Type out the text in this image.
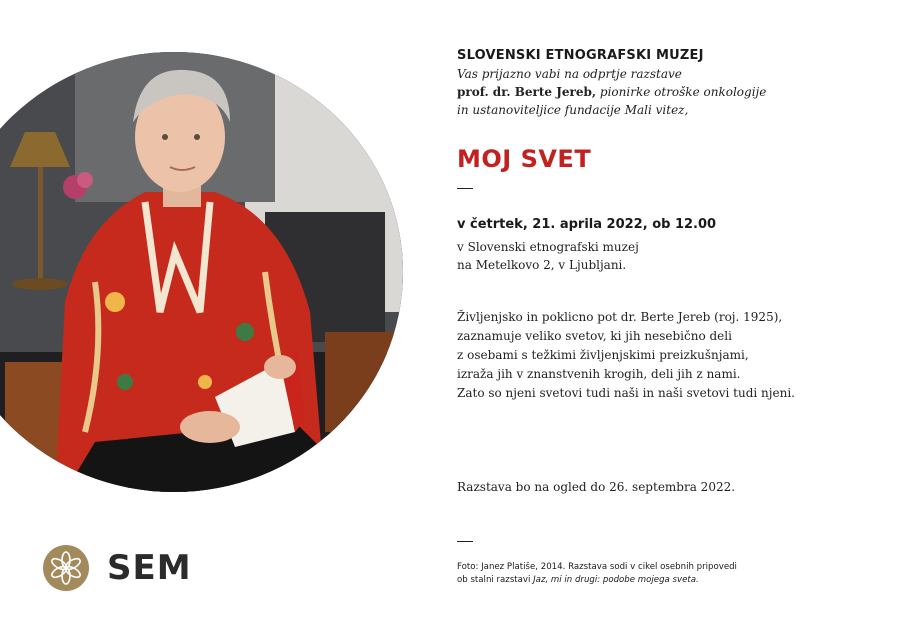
SEM

SLOVENSKI ETNOGRAFSKI MUZEJ

Vas prijazno vabi na odprtje razstave

prof. dr. Berte Jereb, pionirke otroške onkologije

in ustanoviteljice fundacije Mali vitez,

MOJ SVET

v četrtek, 21. aprila 2022, ob 12.00

v Slovenski etnografski muzej
na Metelkovo 2, v Ljubljani.
Življenjsko in poklicno pot dr. Berte Jereb (roj. 1925),
zaznamuje veliko svetov, ki jih nesebično deli
z osebami s težkimi življenjskimi preizkušnjami,
izraža jih v znanstvenih krogih, deli jih z nami.
Zato so njeni svetovi tudi naši in naši svetovi tudi njeni.

Razstava bo na ogled do 26. septembra 2022.

Foto: Janez Platiše, 2014. Razstava sodi v cikel osebnih pripovedi
ob stalni razstavi Jaz, mi in drugi: podobe mojega sveta.
